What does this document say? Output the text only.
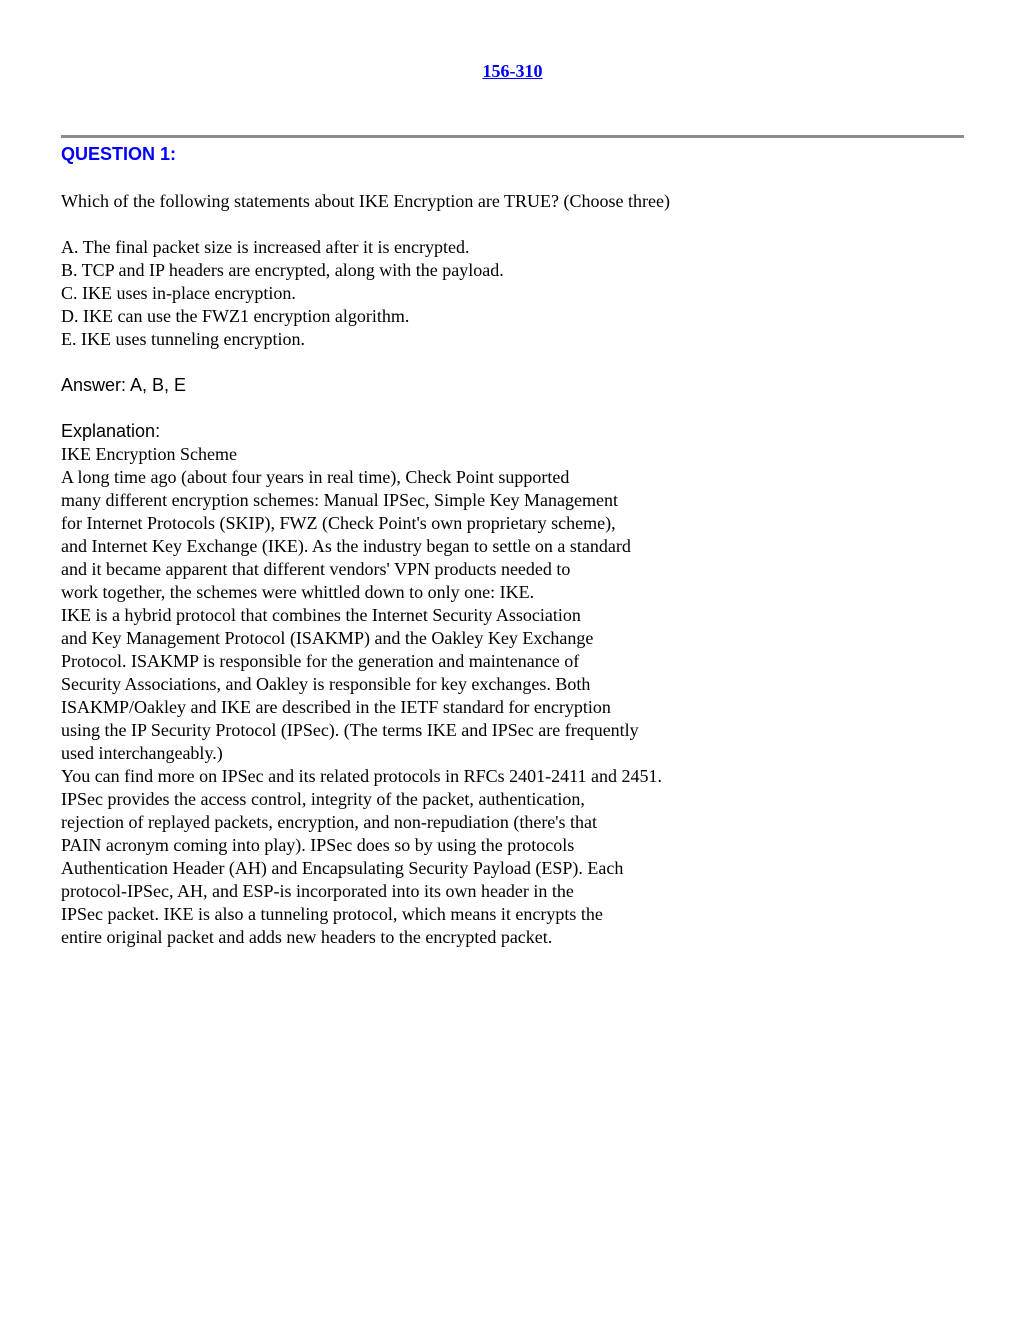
156-310
QUESTION 1:
Which of the following statements about IKE Encryption are TRUE? (Choose three)
A. The final packet size is increased after it is encrypted.
B. TCP and IP headers are encrypted, along with the payload.
C. IKE uses in-place encryption.
D. IKE can use the FWZ1 encryption algorithm.
E. IKE uses tunneling encryption.
Answer: A, B, E
Explanation:
IKE Encryption Scheme
A long time ago (about four years in real time), Check Point supported
many different encryption schemes: Manual IPSec, Simple Key Management
for Internet Protocols (SKIP), FWZ (Check Point's own proprietary scheme),
and Internet Key Exchange (IKE). As the industry began to settle on a standard
and it became apparent that different vendors' VPN products needed to
work together, the schemes were whittled down to only one: IKE.
IKE is a hybrid protocol that combines the Internet Security Association
and Key Management Protocol (ISAKMP) and the Oakley Key Exchange
Protocol. ISAKMP is responsible for the generation and maintenance of
Security Associations, and Oakley is responsible for key exchanges. Both
ISAKMP/Oakley and IKE are described in the IETF standard for encryption
using the IP Security Protocol (IPSec). (The terms IKE and IPSec are frequently
used interchangeably.)
You can find more on IPSec and its related protocols in RFCs 2401-2411 and 2451.
IPSec provides the access control, integrity of the packet, authentication,
rejection of replayed packets, encryption, and non-repudiation (there's that
PAIN acronym coming into play). IPSec does so by using the protocols
Authentication Header (AH) and Encapsulating Security Payload (ESP). Each
protocol-IPSec, AH, and ESP-is incorporated into its own header in the
IPSec packet. IKE is also a tunneling protocol, which means it encrypts the
entire original packet and adds new headers to the encrypted packet.
